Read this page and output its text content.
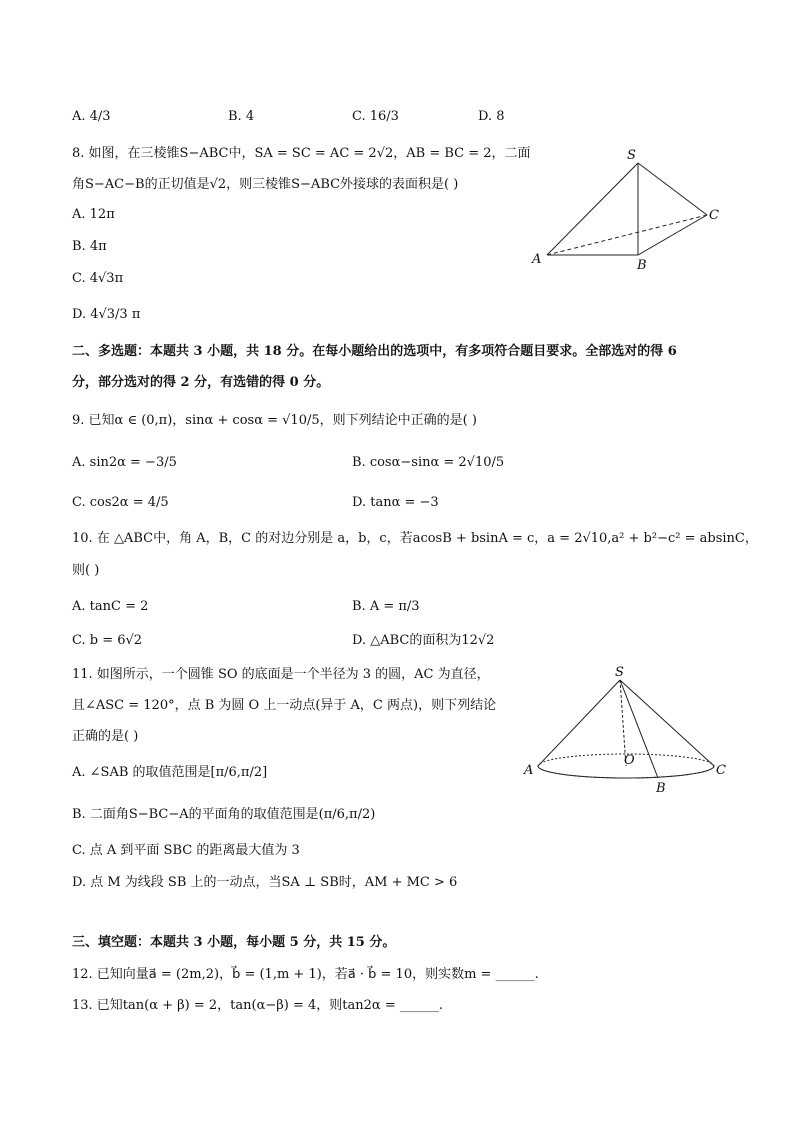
A. 4/3	B. 4	C. 16/3	D. 8
8. 如图，在三棱锥S−ABC中，SA = SC = AC = 2√2，AB = BC = 2，二面
角S−AC−B的正切值是√2，则三棱锥S−ABC外接球的表面积是( )
A. 12π
B. 4π
C. 4√3π
D. 4√3/3 π
S
A	B
C
二、多选题：本题共 3 小题，共 18 分。在每小题给出的选项中，有多项符合题目要求。全部选对的得 6
分，部分选对的得 2 分，有选错的得 0 分。
9. 已知α ∈ (0,π)，sinα + cosα = √10/5，则下列结论中正确的是( )
A. sin2α = −3/5	B. cosα−sinα = 2√10/5
C. cos2α = 4/5	D. tanα = −3
10. 在 △ABC中，角 A，B，C 的对边分别是 a，b，c，若acosB + bsinA = c，a = 2√10,a² + b²−c² = absinC，
则( )
A. tanC = 2	B. A = π/3
C. b = 6√2	D. △ABC的面积为12√2
11. 如图所示，一个圆锥 SO 的底面是一个半径为 3 的圆，AC 为直径，
且∠ASC = 120°，点 B 为圆 O 上一动点(异于 A，C 两点)，则下列结论
正确的是( )
A. ∠SAB 的取值范围是[π/6,π/2]
B. 二面角S−BC−A的平面角的取值范围是(π/6,π/2)
C. 点 A 到平面 SBC 的距离最大值为 3
D. 点 M 为线段 SB 上的一动点，当SA ⊥ SB时，AM + MC > 6
S
A
B
C
O
三、填空题：本题共 3 小题，每小题 5 分，共 15 分。
12. 已知向量a⃗ = (2m,2)，b⃗ = (1,m + 1)，若a⃗ · b⃗ = 10，则实数m = ______.
13. 已知tan(α + β) = 2，tan(α−β) = 4，则tan2α = ______.
